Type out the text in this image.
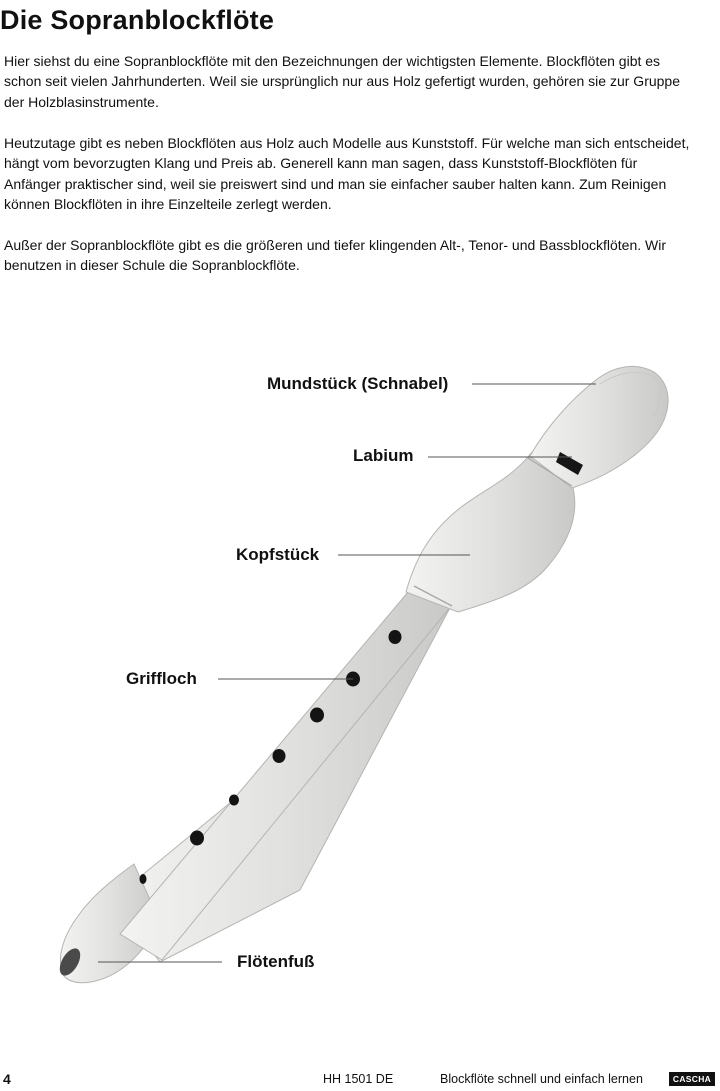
Die Sopranblockflöte

Hier siehst du eine Sopranblockflöte mit den Bezeichnungen der wichtigsten Elemente. Blockflöten gibt es schon seit vielen Jahrhunderten. Weil sie ursprünglich nur aus Holz gefertigt wurden, gehören sie zur Gruppe der Holzblasinstrumente.

Heutzutage gibt es neben Blockflöten aus Holz auch Modelle aus Kunststoff. Für welche man sich entscheidet, hängt vom bevorzugten Klang und Preis ab. Generell kann man sagen, dass Kunststoff-Blockflöten für Anfänger praktischer sind, weil sie preiswert sind und man sie einfacher sauber halten kann. Zum Reinigen können Blockflöten in ihre Einzelteile zerlegt werden.

Außer der Sopranblockflöte gibt es die größeren und tiefer klingenden Alt-, Tenor- und Bassblockflöten. Wir benutzen in dieser Schule die Sopranblockflöte.

Mundstück (Schnabel)
Labium
Kopfstück
Griffloch
Flötenfuß
4	HH 1501 DE	Blockflöte schnell und einfach lernen	CASCHA
